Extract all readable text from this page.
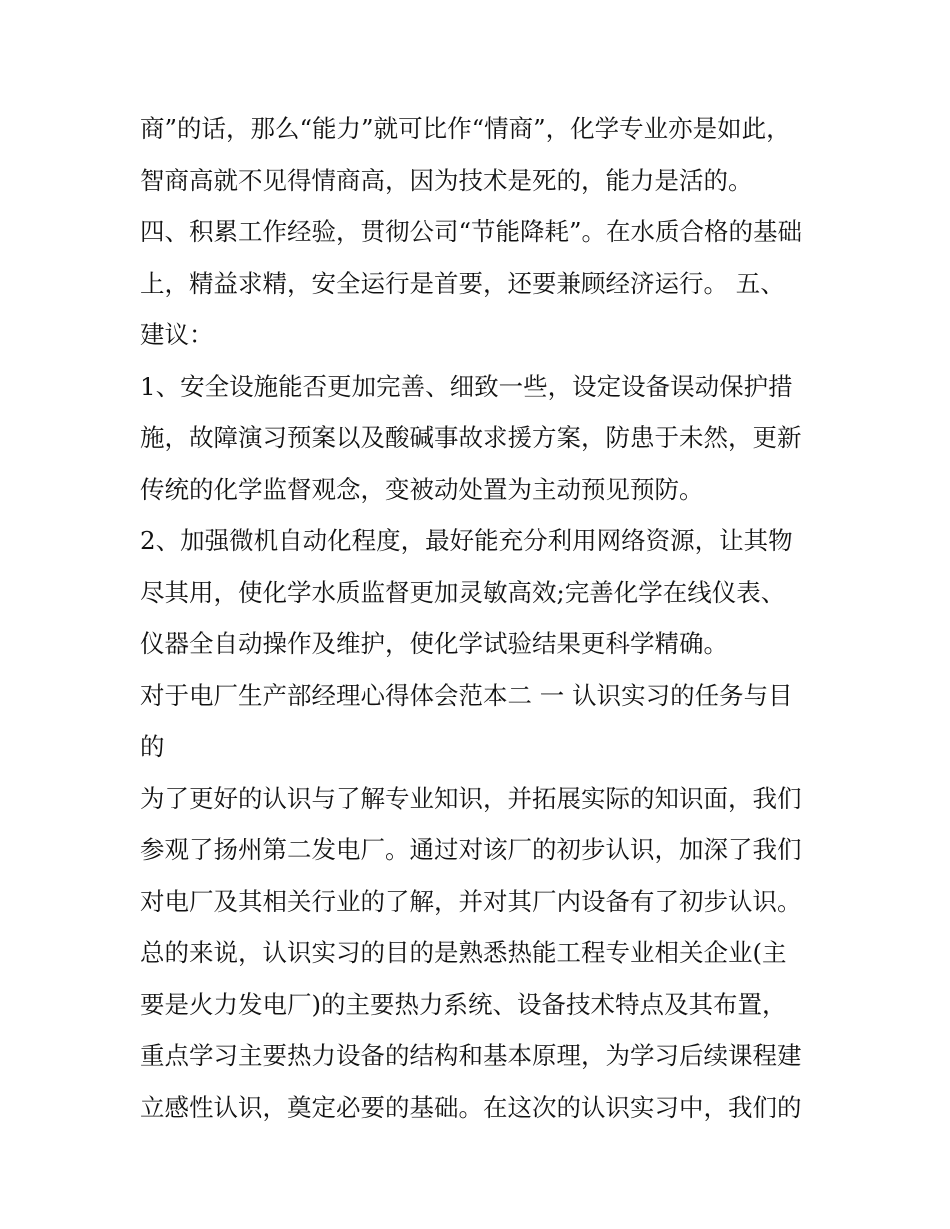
商”的话，那么“能力”就可比作“情商”，化学专业亦是如此，
智商高就不见得情商高，因为技术是死的，能力是活的。
四、积累工作经验，贯彻公司“节能降耗”。在水质合格的基础
上，精益求精，安全运行是首要，还要兼顾经济运行。 五、
建议：
1、安全设施能否更加完善、细致一些，设定设备误动保护措
施，故障演习预案以及酸碱事故求援方案，防患于未然，更新
传统的化学监督观念，变被动处置为主动预见预防。
2、加强微机自动化程度，最好能充分利用网络资源，让其物
尽其用，使化学水质监督更加灵敏高效;完善化学在线仪表、
仪器全自动操作及维护，使化学试验结果更科学精确。
对于电厂生产部经理心得体会范本二 一 认识实习的任务与目
的
为了更好的认识与了解专业知识，并拓展实际的知识面，我们
参观了扬州第二发电厂。通过对该厂的初步认识，加深了我们
对电厂及其相关行业的了解，并对其厂内设备有了初步认识。
总的来说，认识实习的目的是熟悉热能工程专业相关企业(主
要是火力发电厂)的主要热力系统、设备技术特点及其布置，
重点学习主要热力设备的结构和基本原理，为学习后续课程建
立感性认识，奠定必要的基础。在这次的认识实习中，我们的
